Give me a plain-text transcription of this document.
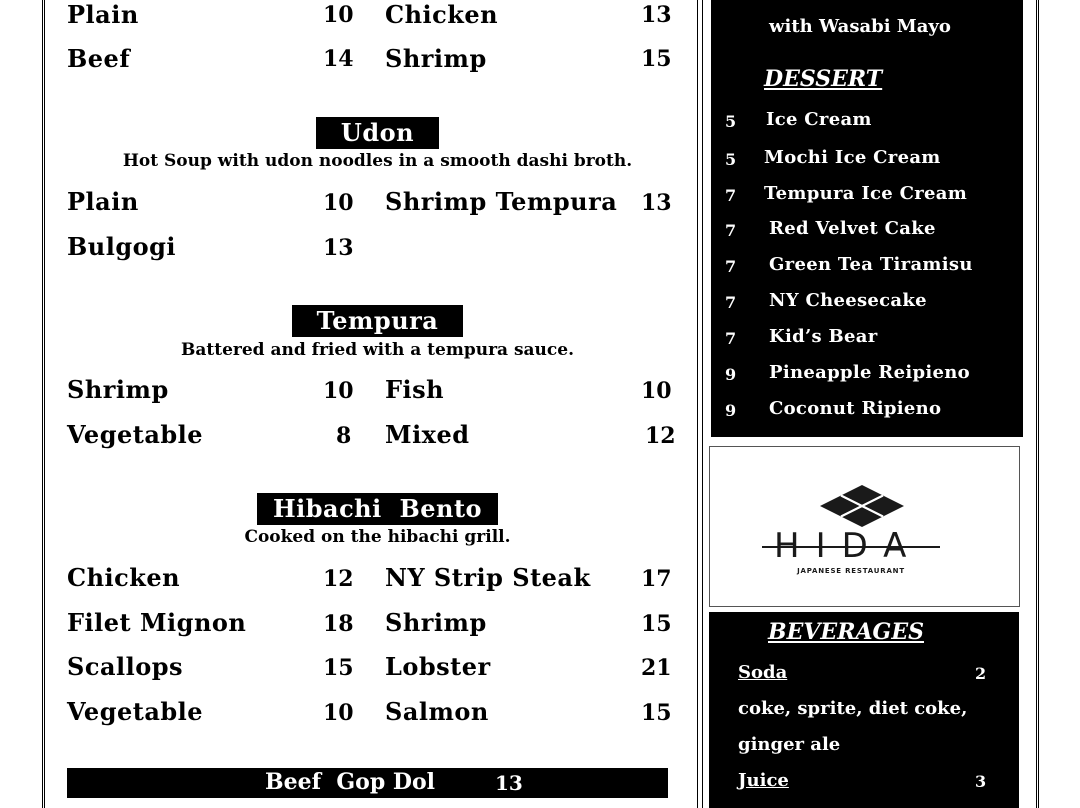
Plain	10 Chicken	13
Beef	14 Shrimp	15
Udon
Hot Soup with udon noodles in a smooth dashi broth.
Plain	10 Shrimp Tempura 13
Bulgogi	13
Tempura
Battered and fried with a tempura sauce.
Shrimp	10 Fish	10
Vegetable	8 Mixed	12
Hibachi  Bento
Cooked on the hibachi grill.
Chicken	12 NY Strip Steak 17
Filet Mignon	18 Shrimp	15
Scallops	15 Lobster	21
Vegetable	10 Salmon	15
Beef  Gop Dol	13
with Wasabi Mayo
DESSERT
5 Ice Cream
5 Mochi Ice Cream
7 Tempura Ice Cream
7 Red Velvet Cake
7 Green Tea Tiramisu
7 NY Cheesecake
7 Kid’s Bear
9 Pineapple Reipieno
9 Coconut Ripieno
HIDA
JAPANESE RESTAURANT
BEVERAGES
Soda	2
coke, sprite, diet coke,
ginger ale
Juice	3
